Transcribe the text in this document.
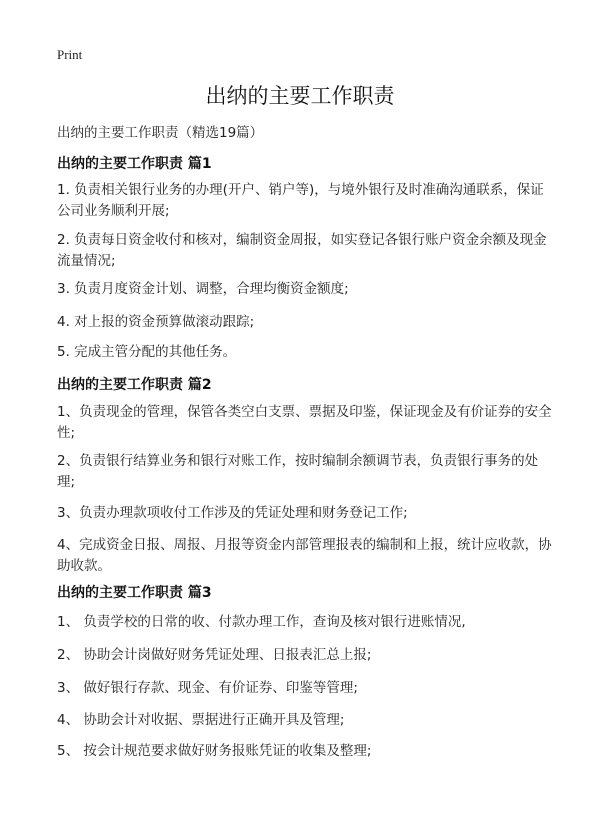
Print
出纳的主要工作职责
出纳的主要工作职责（精选19篇）
出纳的主要工作职责 篇1
1. 负责相关银行业务的办理(开户、销户等)，与境外银行及时准确沟通联系，保证公司业务顺利开展;
2. 负责每日资金收付和核对，编制资金周报，如实登记各银行账户资金余额及现金流量情况;
3. 负责月度资金计划、调整，合理均衡资金额度;
4. 对上报的资金预算做滚动跟踪;
5. 完成主管分配的其他任务。
出纳的主要工作职责 篇2
1、负责现金的管理，保管各类空白支票、票据及印鉴，保证现金及有价证券的安全性;
2、负责银行结算业务和银行对账工作，按时编制余额调节表，负责银行事务的处理;
3、负责办理款项收付工作涉及的凭证处理和财务登记工作;
4、完成资金日报、周报、月报等资金内部管理报表的编制和上报，统计应收款，协助收款。
出纳的主要工作职责 篇3
1、 负责学校的日常的收、付款办理工作，查询及核对银行进账情况,
2、 协助会计岗做好财务凭证处理、日报表汇总上报;
3、 做好银行存款、现金、有价证券、印鉴等管理;
4、 协助会计对收据、票据进行正确开具及管理;
5、 按会计规范要求做好财务报账凭证的收集及整理;
